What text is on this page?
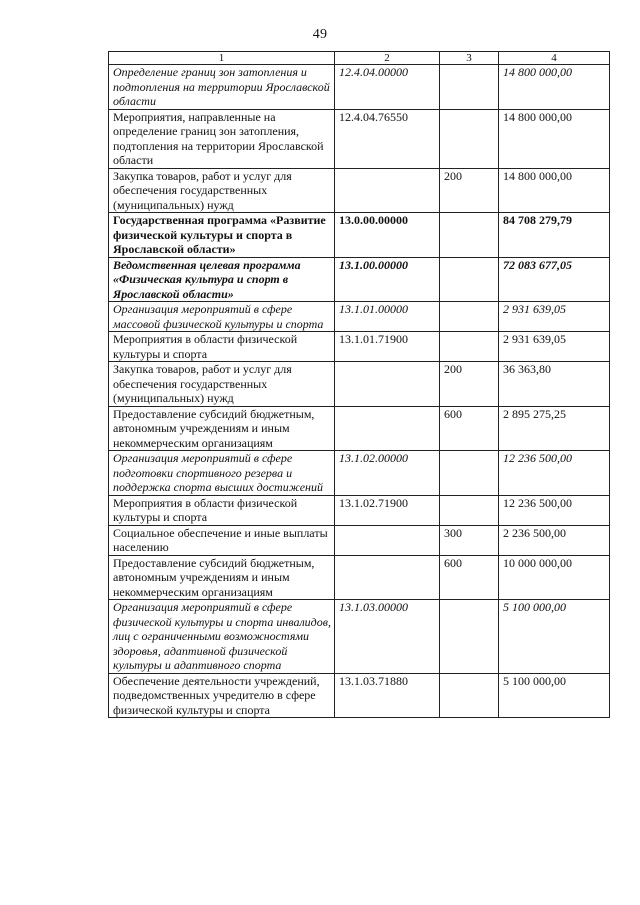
49
1	2	3	4
Определение границ зон затопления и подтопления на территории Ярославской области	12.4.04.00000		14 800 000,00
Мероприятия, направленные на определение границ зон затопления, подтопления на территории Ярославской области	12.4.04.76550		14 800 000,00
Закупка товаров, работ и услуг для обеспечения государственных (муниципальных) нужд		200	14 800 000,00
Государственная программа «Развитие физической культуры и спорта в Ярославской области»	13.0.00.00000		84 708 279,79
Ведомственная целевая программа «Физическая культура и спорт в Ярославской области»	13.1.00.00000		72 083 677,05
Организация мероприятий в сфере массовой физической культуры и спорта	13.1.01.00000		2 931 639,05
Мероприятия в области физической культуры и спорта	13.1.01.71900		2 931 639,05
Закупка товаров, работ и услуг для обеспечения государственных (муниципальных) нужд		200	36 363,80
Предоставление субсидий бюджетным, автономным учреждениям и иным некоммерческим организациям		600	2 895 275,25
Организация мероприятий в сфере подготовки спортивного резерва и поддержка спорта высших достижений	13.1.02.00000		12 236 500,00
Мероприятия в области физической культуры и спорта	13.1.02.71900		12 236 500,00
Социальное обеспечение и иные выплаты населению		300	2 236 500,00
Предоставление субсидий бюджетным, автономным учреждениям и иным некоммерческим организациям		600	10 000 000,00
Организация мероприятий в сфере физической культуры и спорта инвалидов, лиц с ограниченными возможностями здоровья, адаптивной физической культуры и адаптивного спорта	13.1.03.00000		5 100 000,00
Обеспечение деятельности учреждений, подведомственных учредителю в сфере физической культуры и спорта	13.1.03.71880		5 100 000,00
